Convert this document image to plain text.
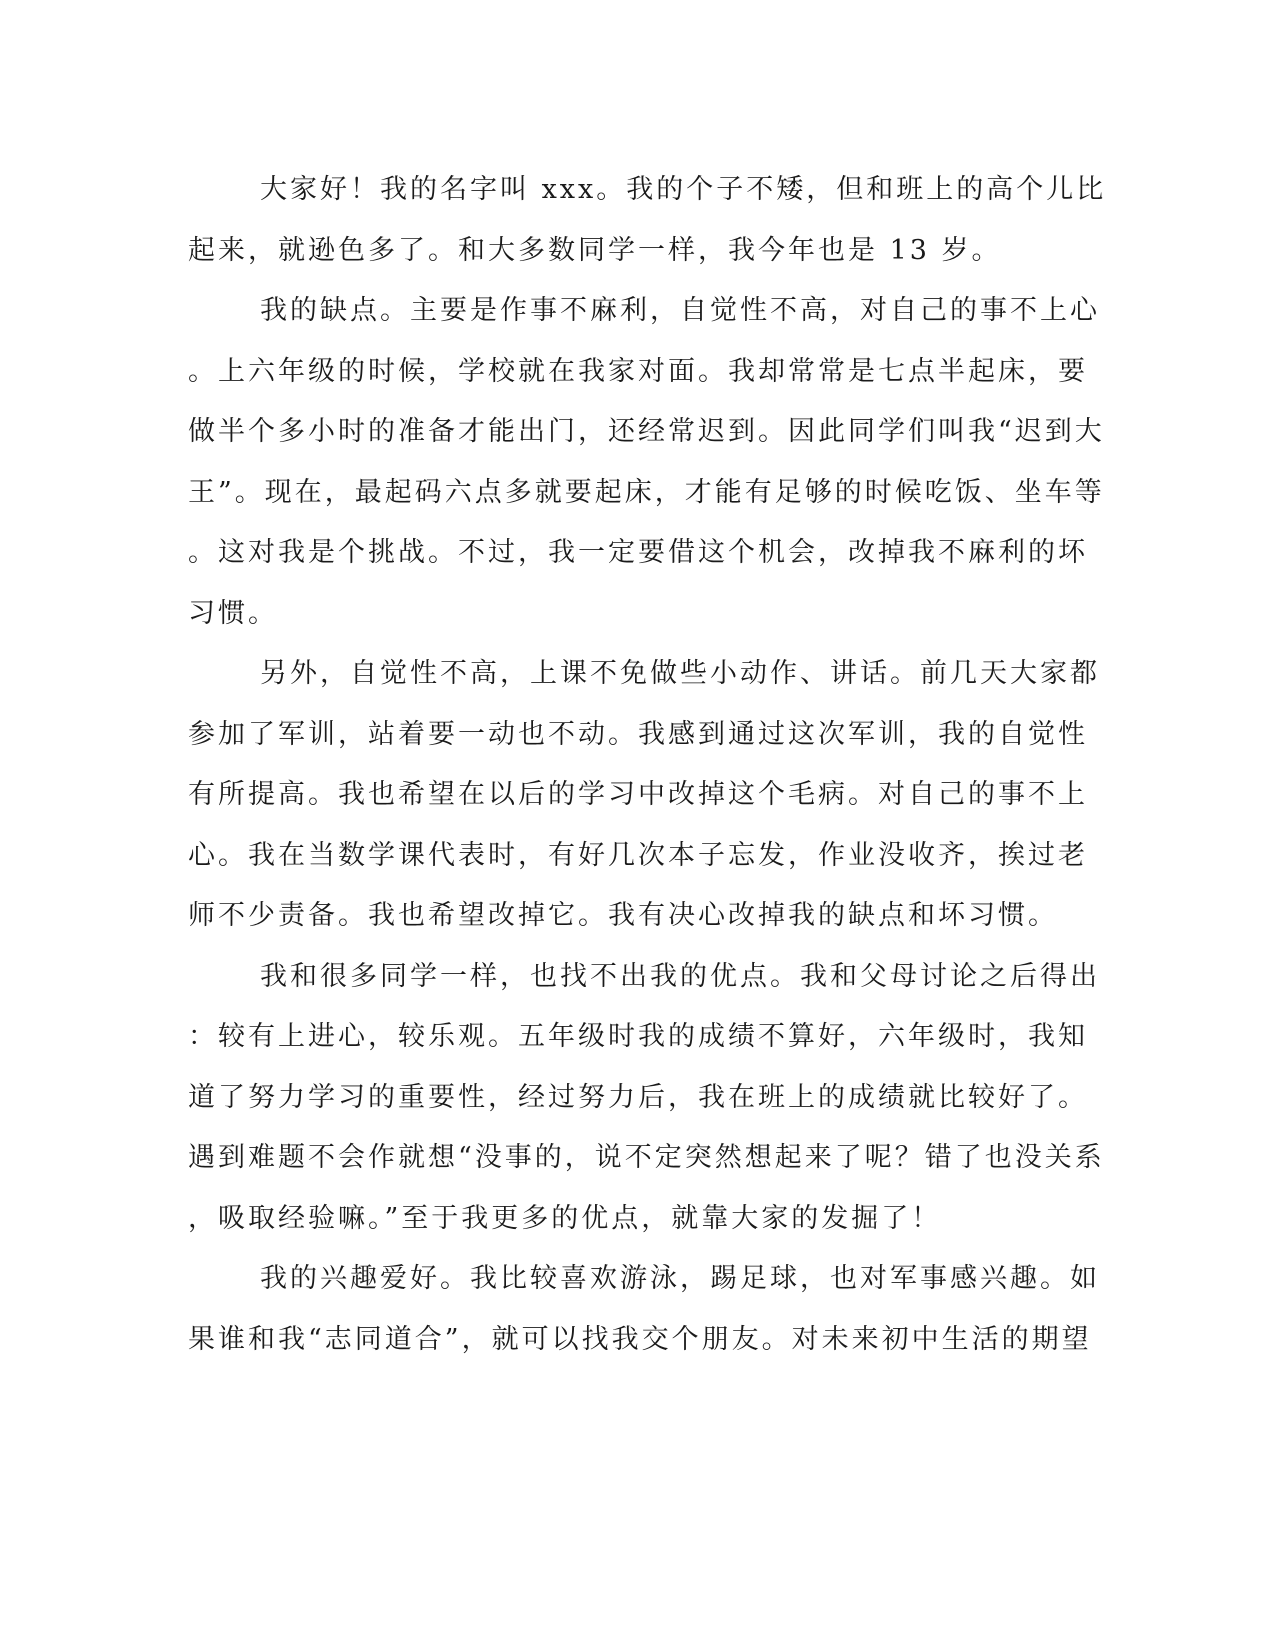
大家好！我的名字叫 xxx。我的个子不矮，但和班上的高个儿比
起来，就逊色多了。和大多数同学一样，我今年也是 13 岁。
我的缺点。主要是作事不麻利，自觉性不高，对自己的事不上心
。上六年级的时候，学校就在我家对面。我却常常是七点半起床，要
做半个多小时的准备才能出门，还经常迟到。因此同学们叫我“迟到大
王”。现在，最起码六点多就要起床，才能有足够的时候吃饭、坐车等
。这对我是个挑战。不过，我一定要借这个机会，改掉我不麻利的坏
习惯。
另外，自觉性不高，上课不免做些小动作、讲话。前几天大家都
参加了军训，站着要一动也不动。我感到通过这次军训，我的自觉性
有所提高。我也希望在以后的学习中改掉这个毛病。对自己的事不上
心。我在当数学课代表时，有好几次本子忘发，作业没收齐，挨过老
师不少责备。我也希望改掉它。我有决心改掉我的缺点和坏习惯。
我和很多同学一样，也找不出我的优点。我和父母讨论之后得出
：较有上进心，较乐观。五年级时我的成绩不算好，六年级时，我知
道了努力学习的重要性，经过努力后，我在班上的成绩就比较好了。
遇到难题不会作就想“没事的，说不定突然想起来了呢？错了也没关系
，吸取经验嘛。”至于我更多的优点，就靠大家的发掘了！
我的兴趣爱好。我比较喜欢游泳，踢足球，也对军事感兴趣。如
果谁和我“志同道合”，就可以找我交个朋友。对未来初中生活的期望
